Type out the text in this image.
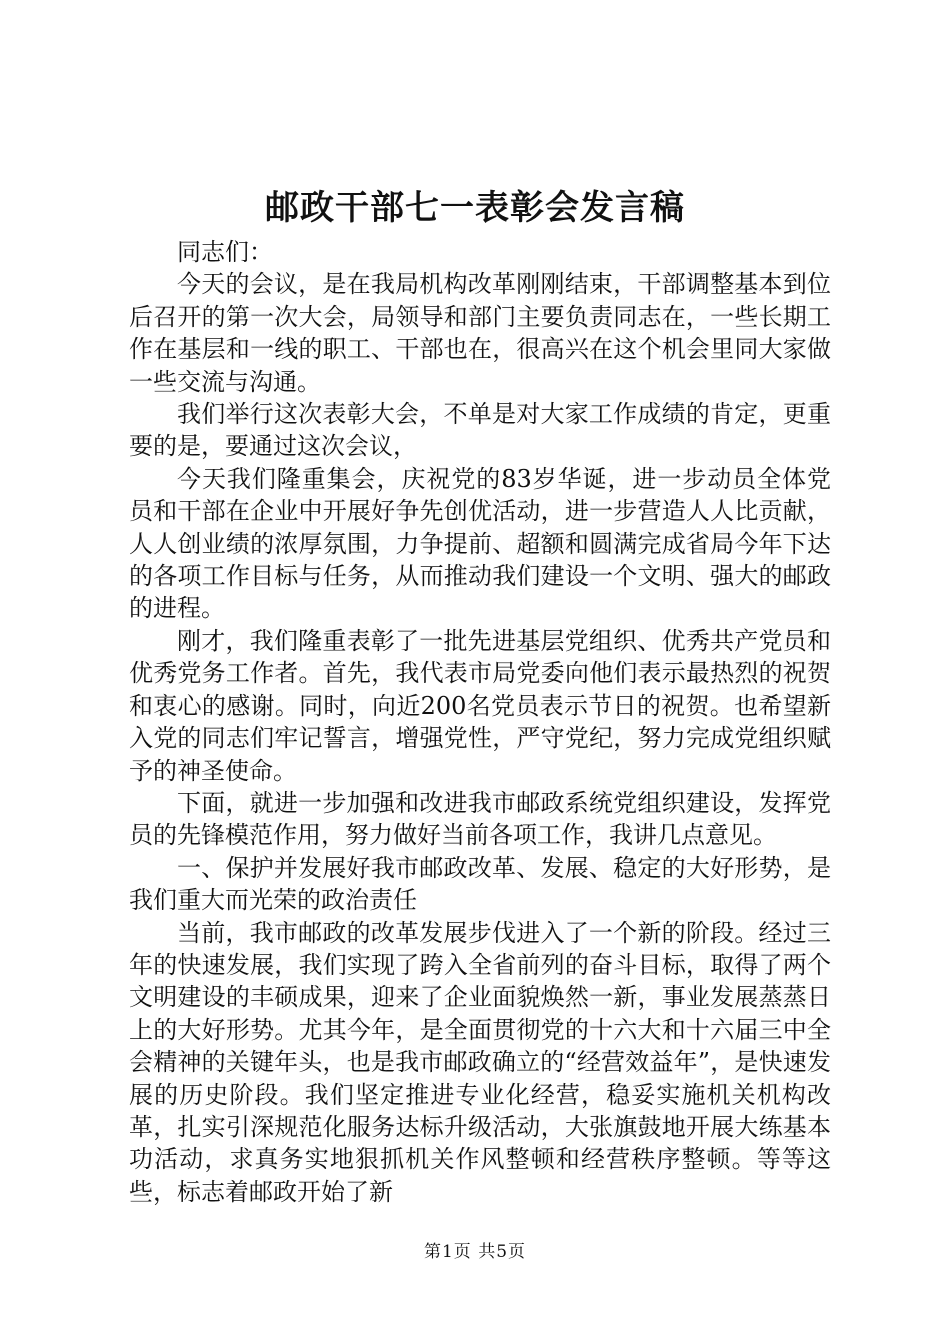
邮政干部七一表彰会发言稿

同志们：

今天的会议，是在我局机构改革刚刚结束，干部调整基本到位后召开的第一次大会，局领导和部门主要负责同志在，一些长期工作在基层和一线的职工、干部也在，很高兴在这个机会里同大家做一些交流与沟通。

我们举行这次表彰大会，不单是对大家工作成绩的肯定，更重要的是，要通过这次会议，

今天我们隆重集会，庆祝党的83岁华诞，进一步动员全体党员和干部在企业中开展好争先创优活动，进一步营造人人比贡献，人人创业绩的浓厚氛围，力争提前、超额和圆满完成省局今年下达的各项工作目标与任务，从而推动我们建设一个文明、强大的邮政的进程。

刚才，我们隆重表彰了一批先进基层党组织、优秀共产党员和优秀党务工作者。首先，我代表市局党委向他们表示最热烈的祝贺和衷心的感谢。同时，向近200名党员表示节日的祝贺。也希望新入党的同志们牢记誓言，增强党性，严守党纪，努力完成党组织赋予的神圣使命。

下面，就进一步加强和改进我市邮政系统党组织建设，发挥党员的先锋模范作用，努力做好当前各项工作，我讲几点意见。

一、保护并发展好我市邮政改革、发展、稳定的大好形势，是我们重大而光荣的政治责任

当前，我市邮政的改革发展步伐进入了一个新的阶段。经过三年的快速发展，我们实现了跨入全省前列的奋斗目标，取得了两个文明建设的丰硕成果，迎来了企业面貌焕然一新，事业发展蒸蒸日上的大好形势。尤其今年，是全面贯彻党的十六大和十六届三中全会精神的关键年头，也是我市邮政确立的“经营效益年”，是快速发展的历史阶段。我们坚定推进专业化经营，稳妥实施机关机构改革，扎实引深规范化服务达标升级活动，大张旗鼓地开展大练基本功活动，求真务实地狠抓机关作风整顿和经营秩序整顿。等等这些，标志着邮政开始了新

第1页 共5页
